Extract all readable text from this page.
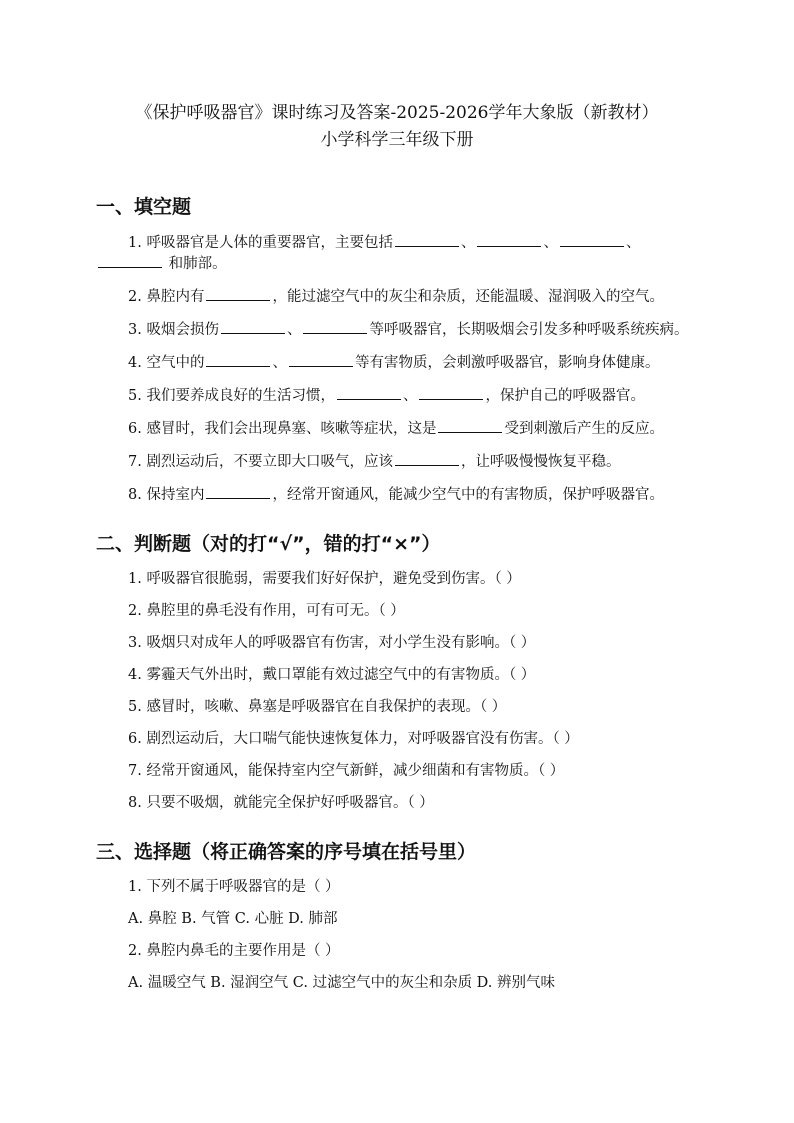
《保护呼吸器官》课时练习及答案-2025-2026学年大象版（新教材）

小学科学三年级下册

一、填空题

1. 呼吸器官是人体的重要器官，主要包括	、	、	、 和肺部。

2. 鼻腔内有	，能过滤空气中的灰尘和杂质，还能温暖、湿润吸入的空气。

3. 吸烟会损伤	、	等呼吸器官，长期吸烟会引发多种呼吸系统疾病。

4. 空气中的	、	等有害物质，会刺激呼吸器官，影响身体健康。

5. 我们要养成良好的生活习惯，	、	，保护自己的呼吸器官。

6. 感冒时，我们会出现鼻塞、咳嗽等症状，这是	受到刺激后产生的反应。

7. 剧烈运动后，不要立即大口吸气，应该	，让呼吸慢慢恢复平稳。

8. 保持室内	，经常开窗通风，能减少空气中的有害物质，保护呼吸器官。

二、判断题（对的打“√”，错的打“×”）

1. 呼吸器官很脆弱，需要我们好好保护，避免受到伤害。（ ）

2. 鼻腔里的鼻毛没有作用，可有可无。（ ）

3. 吸烟只对成年人的呼吸器官有伤害，对小学生没有影响。（ ）

4. 雾霾天气外出时，戴口罩能有效过滤空气中的有害物质。（ ）

5. 感冒时，咳嗽、鼻塞是呼吸器官在自我保护的表现。（ ）

6. 剧烈运动后，大口喘气能快速恢复体力，对呼吸器官没有伤害。（ ）

7. 经常开窗通风，能保持室内空气新鲜，减少细菌和有害物质。（ ）

8. 只要不吸烟，就能完全保护好呼吸器官。（ ）

三、选择题（将正确答案的序号填在括号里）

1. 下列不属于呼吸器官的是（ ）

A. 鼻腔 B. 气管 C. 心脏 D. 肺部

2. 鼻腔内鼻毛的主要作用是（ ）

A. 温暖空气 B. 湿润空气 C. 过滤空气中的灰尘和杂质 D. 辨别气味
